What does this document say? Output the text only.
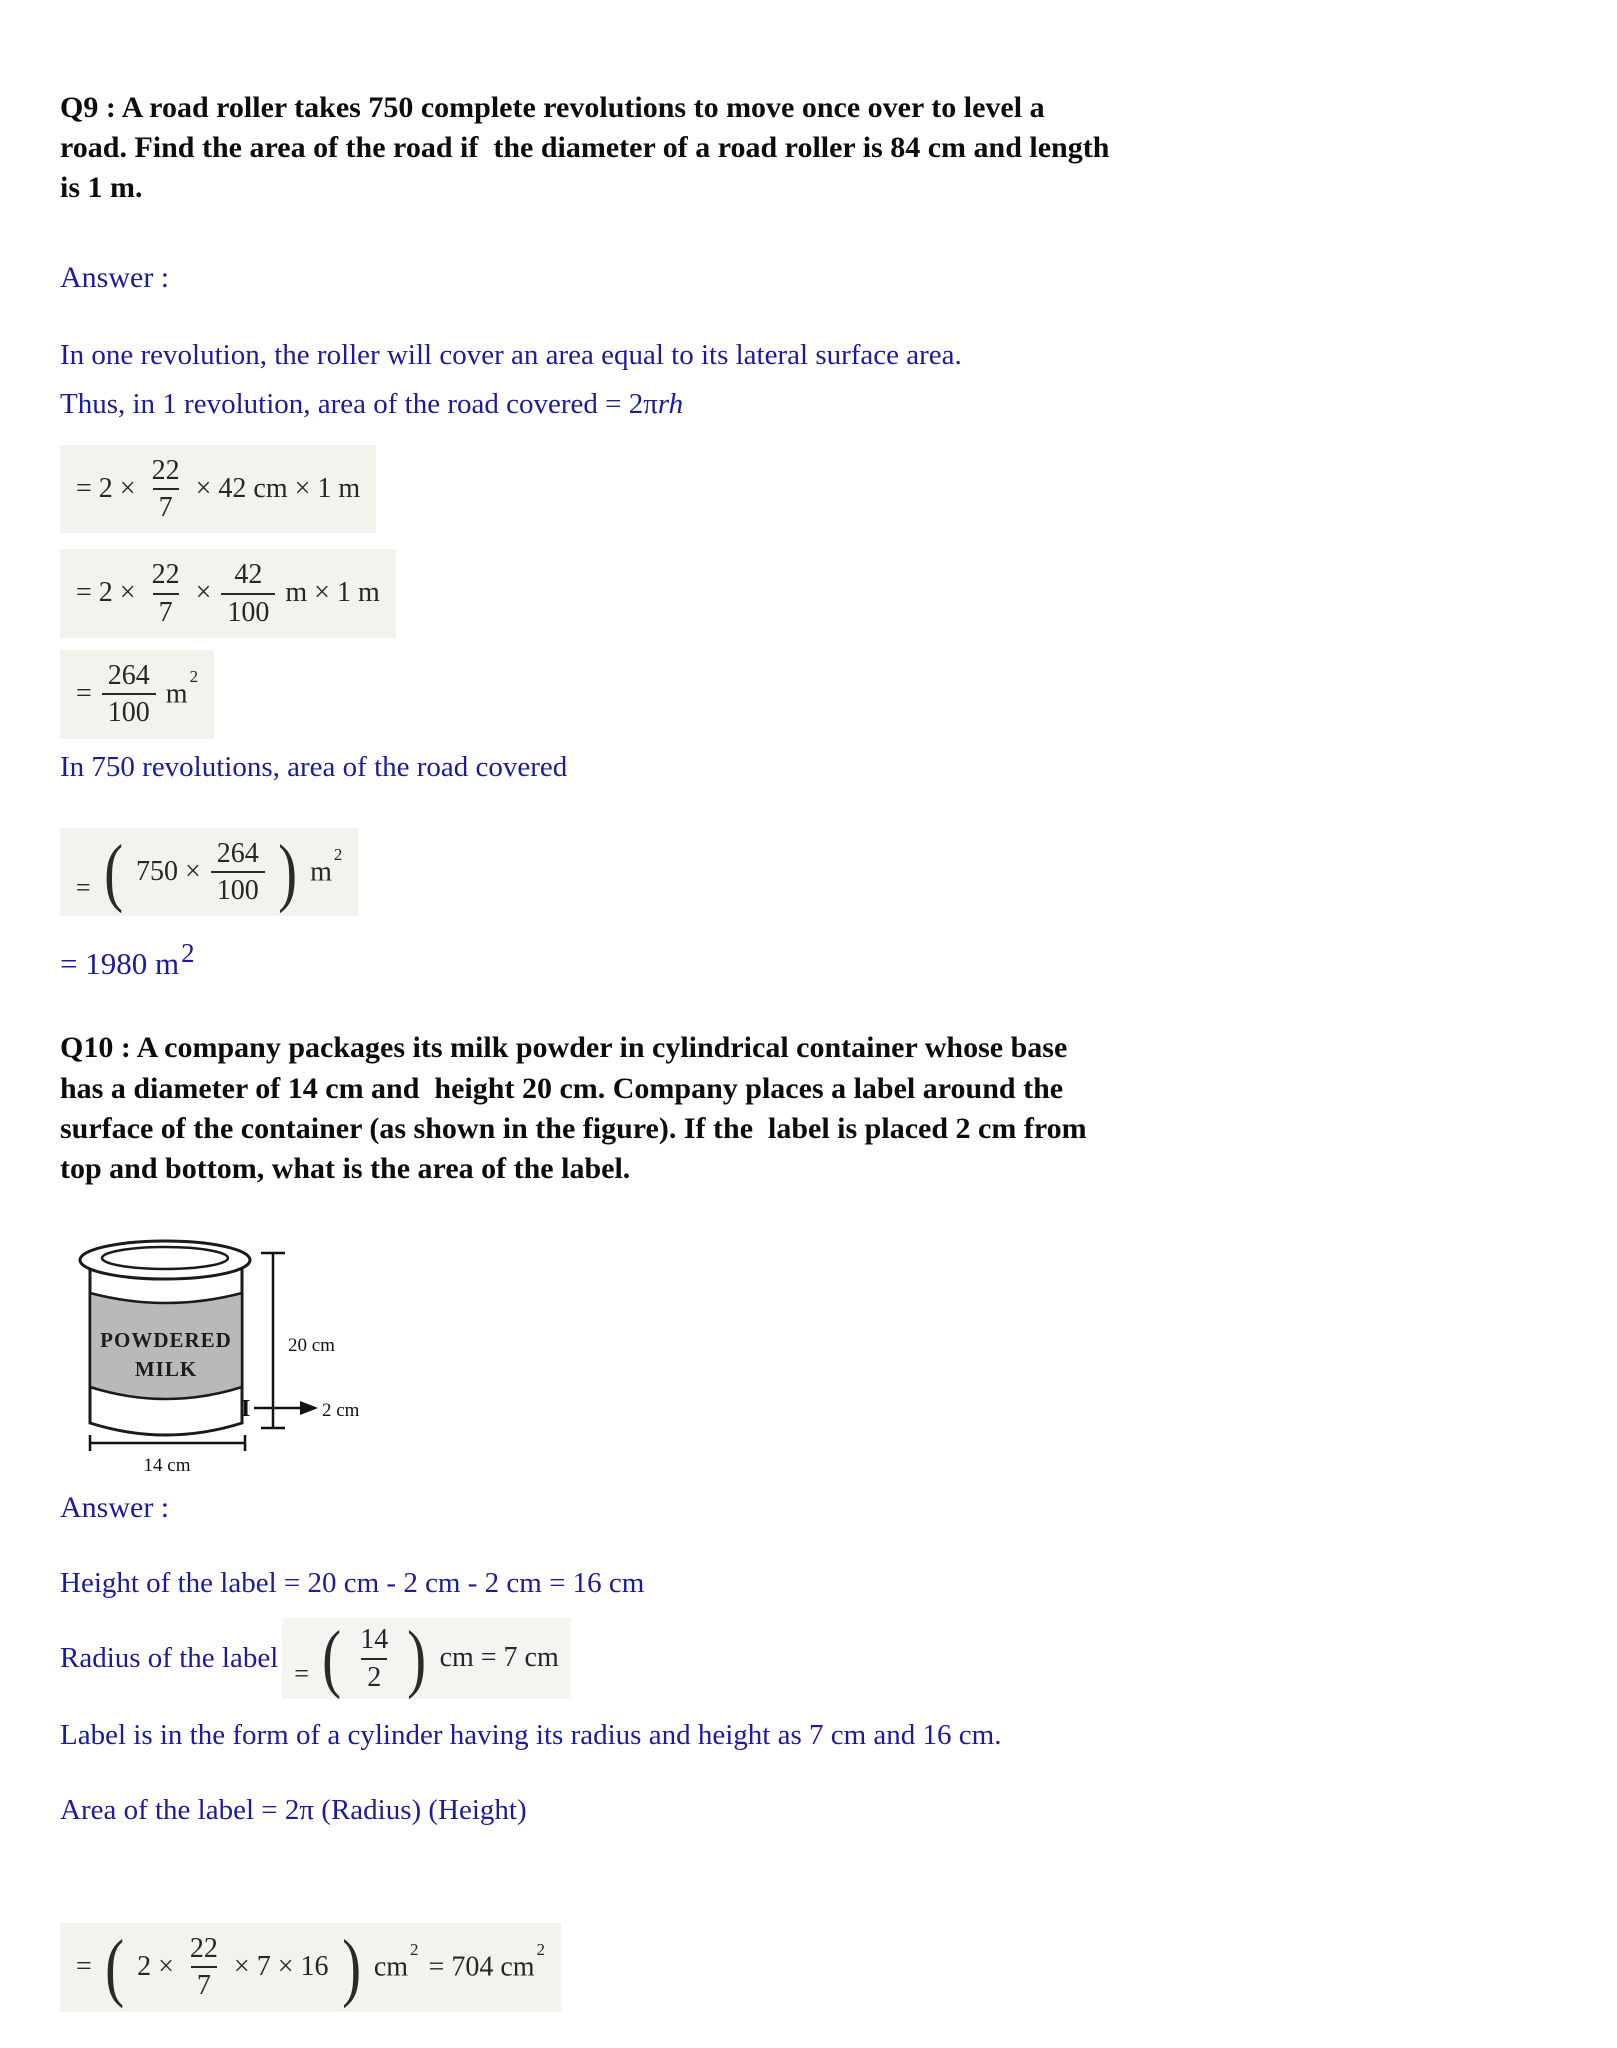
Q9 : A road roller takes 750 complete revolutions to move once over to level a
road. Find the area of the road if  the diameter of a road roller is 84 cm and length
is 1 m.

Answer :

In one revolution, the roller will cover an area equal to its lateral surface area.

Thus, in 1 revolution, area of the road covered = 2πrh

= $2 \times \frac{22}{7} \times 42$ cm × 1 m
= $2 \times \frac{22}{7} \times \frac{42}{100}$ m × 1 m
= $\frac{264}{100} m^2$

In 750 revolutions, area of the road covered

= ( $750 \times \frac{264}{100}$ ) $m^2$

= 1980 m2

Q10 : A company packages its milk powder in cylindrical container whose base
has a diameter of 14 cm and  height 20 cm. Company places a label around the
surface of the container (as shown in the figure). If the  label is placed 2 cm from
top and bottom, what is the area of the label.
POWDERED
MILK
20 cm
I	2 cm
14 cm

Answer :

Height of the label = 20 cm - 2 cm - 2 cm = 16 cm

Radius of the label = ( $\frac{14}{2}$ ) cm = 7 cm

Label is in the form of a cylinder having its radius and height as 7 cm and 16 cm.

Area of the label = 2π (Radius) (Height)

= ( $2 \times \frac{22}{7} \times 7 \times 16$ ) $cm^2$
= 704 $cm^2$
